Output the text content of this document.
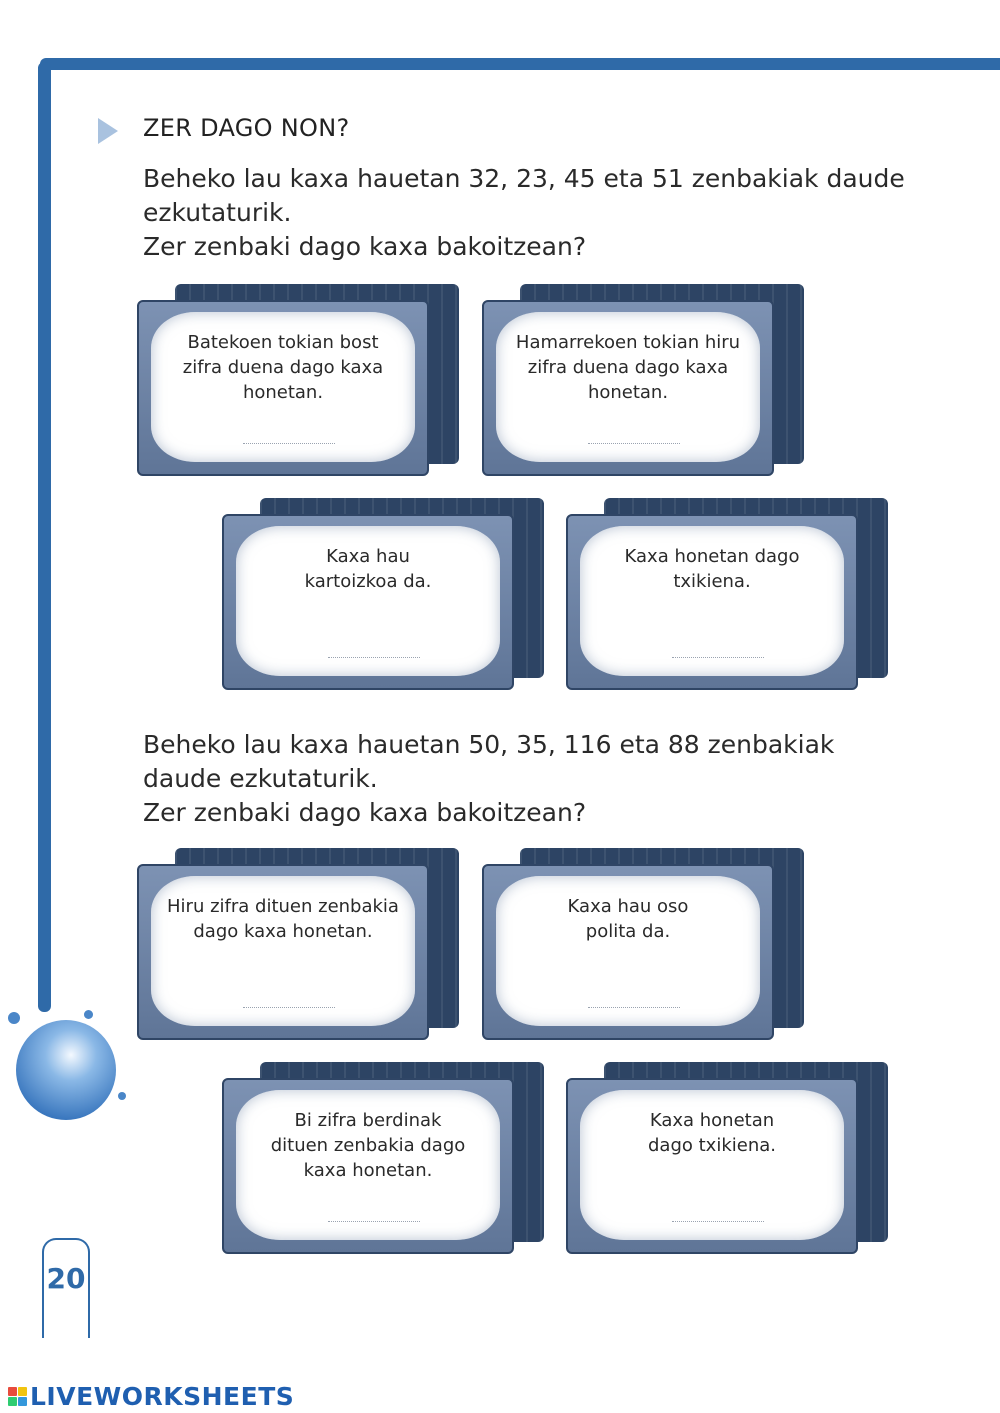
ZER DAGO NON?

Beheko lau kaxa hauetan 32, 23, 45 eta 51 zenbakiak daude

ezkutaturik.

Zer zenbaki dago kaxa bakoitzean?

Batekoen tokian bost zifra duena dago kaxa honetan.
Hamarrekoen tokian hiru zifra duena dago kaxa honetan.
Kaxa hau kartoizkoa da.
Kaxa honetan dago txikiena.

Beheko lau kaxa hauetan 50, 35, 116 eta 88 zenbakiak

daude ezkutaturik.

Zer zenbaki dago kaxa bakoitzean?

Hiru zifra dituen zenbakia dago kaxa honetan.
Kaxa hau oso polita da.
Bi zifra berdinak dituen zenbakia dago kaxa honetan.
Kaxa honetan dago txikiena.
20
LIVEWORKSHEETS
